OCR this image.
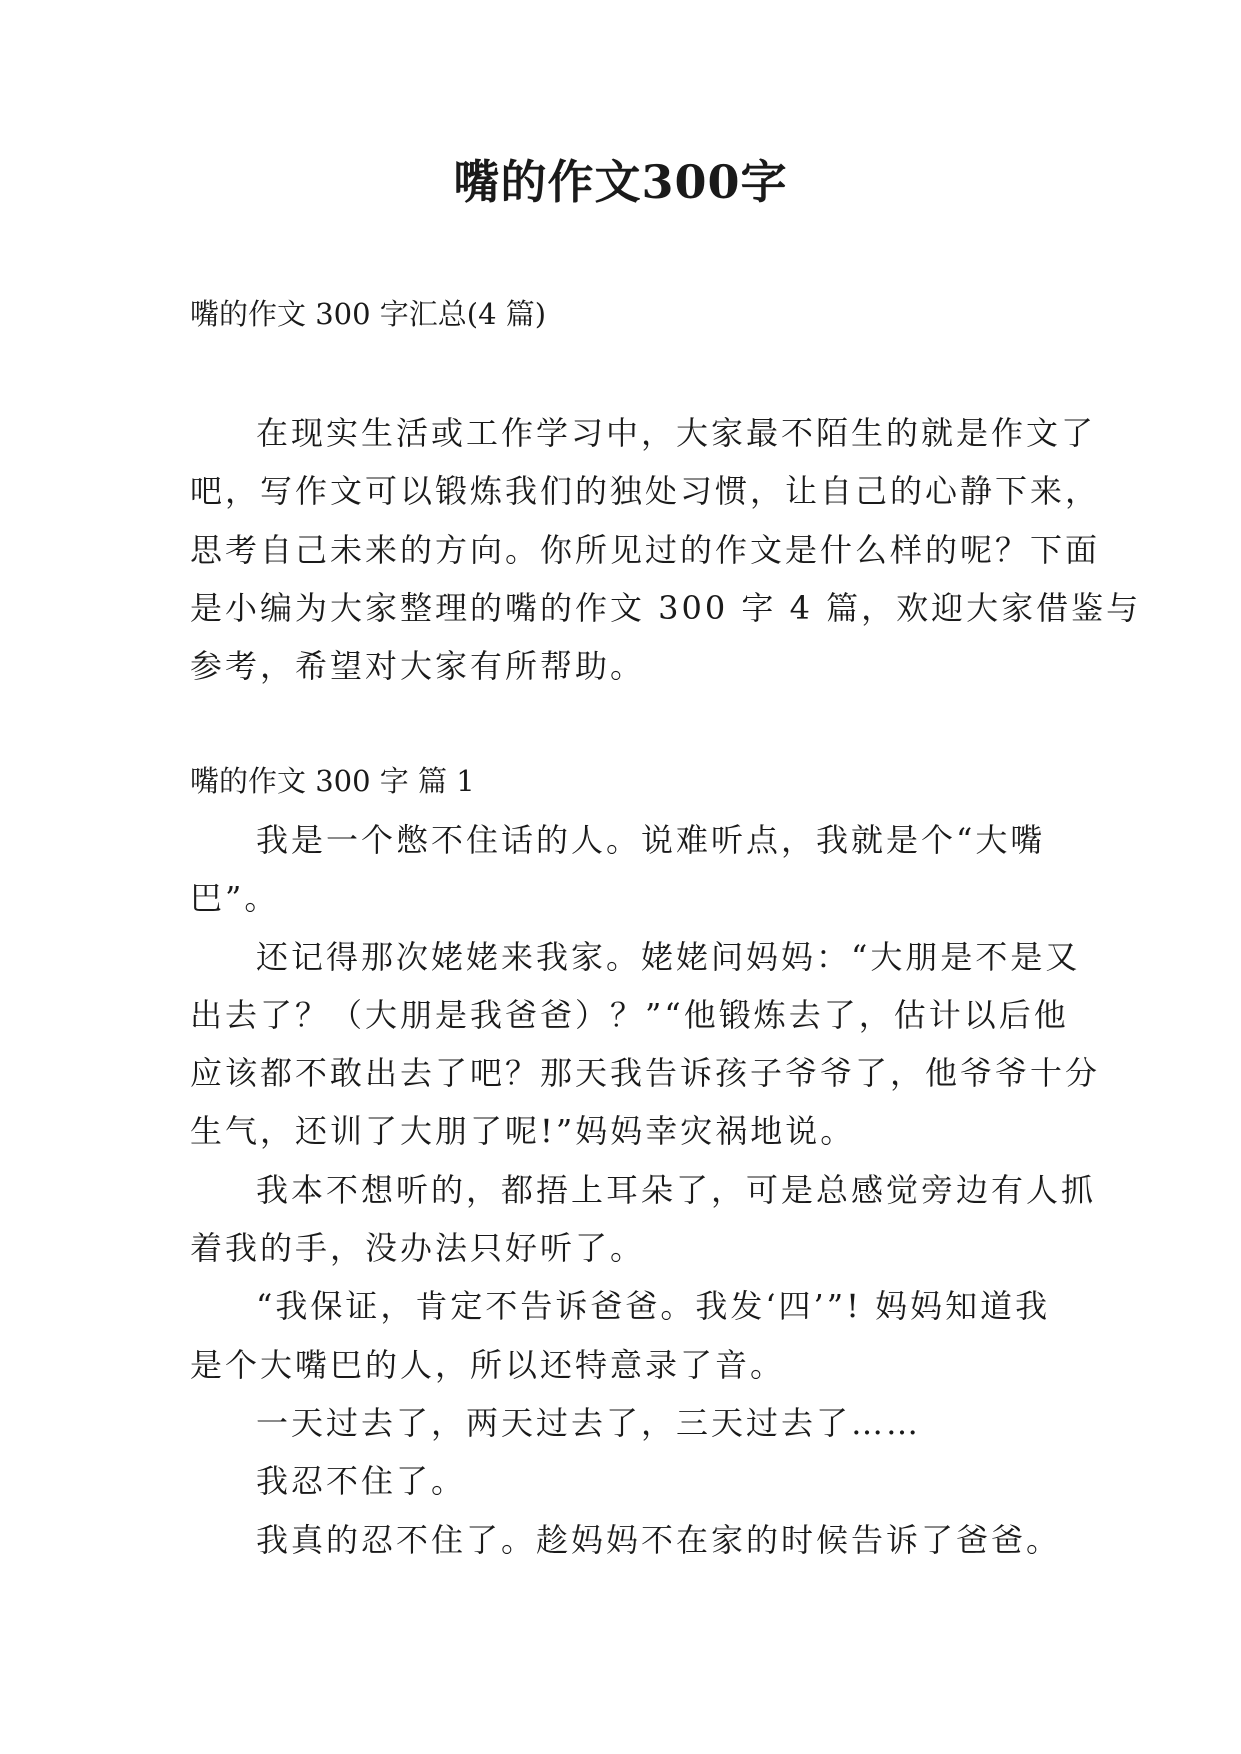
嘴的作文300字
嘴的作文 300 字汇总(4 篇)
在现实生活或工作学习中，大家最不陌生的就是作文了
吧，写作文可以锻炼我们的独处习惯，让自己的心静下来，
思考自己未来的方向。你所见过的作文是什么样的呢？下面
是小编为大家整理的嘴的作文 300 字 4 篇，欢迎大家借鉴与
参考，希望对大家有所帮助。
嘴的作文 300 字 篇 1
我是一个憋不住话的人。说难听点，我就是个“大嘴
巴”。
还记得那次姥姥来我家。姥姥问妈妈：“大朋是不是又
出去了？（大朋是我爸爸）？”“他锻炼去了，估计以后他
应该都不敢出去了吧？那天我告诉孩子爷爷了，他爷爷十分
生气，还训了大朋了呢!”妈妈幸灾祸地说。
我本不想听的，都捂上耳朵了，可是总感觉旁边有人抓
着我的手，没办法只好听了。
“我保证，肯定不告诉爸爸。我发‘四’”! 妈妈知道我
是个大嘴巴的人，所以还特意录了音。
一天过去了，两天过去了，三天过去了……
我忍不住了。
我真的忍不住了。趁妈妈不在家的时候告诉了爸爸。
